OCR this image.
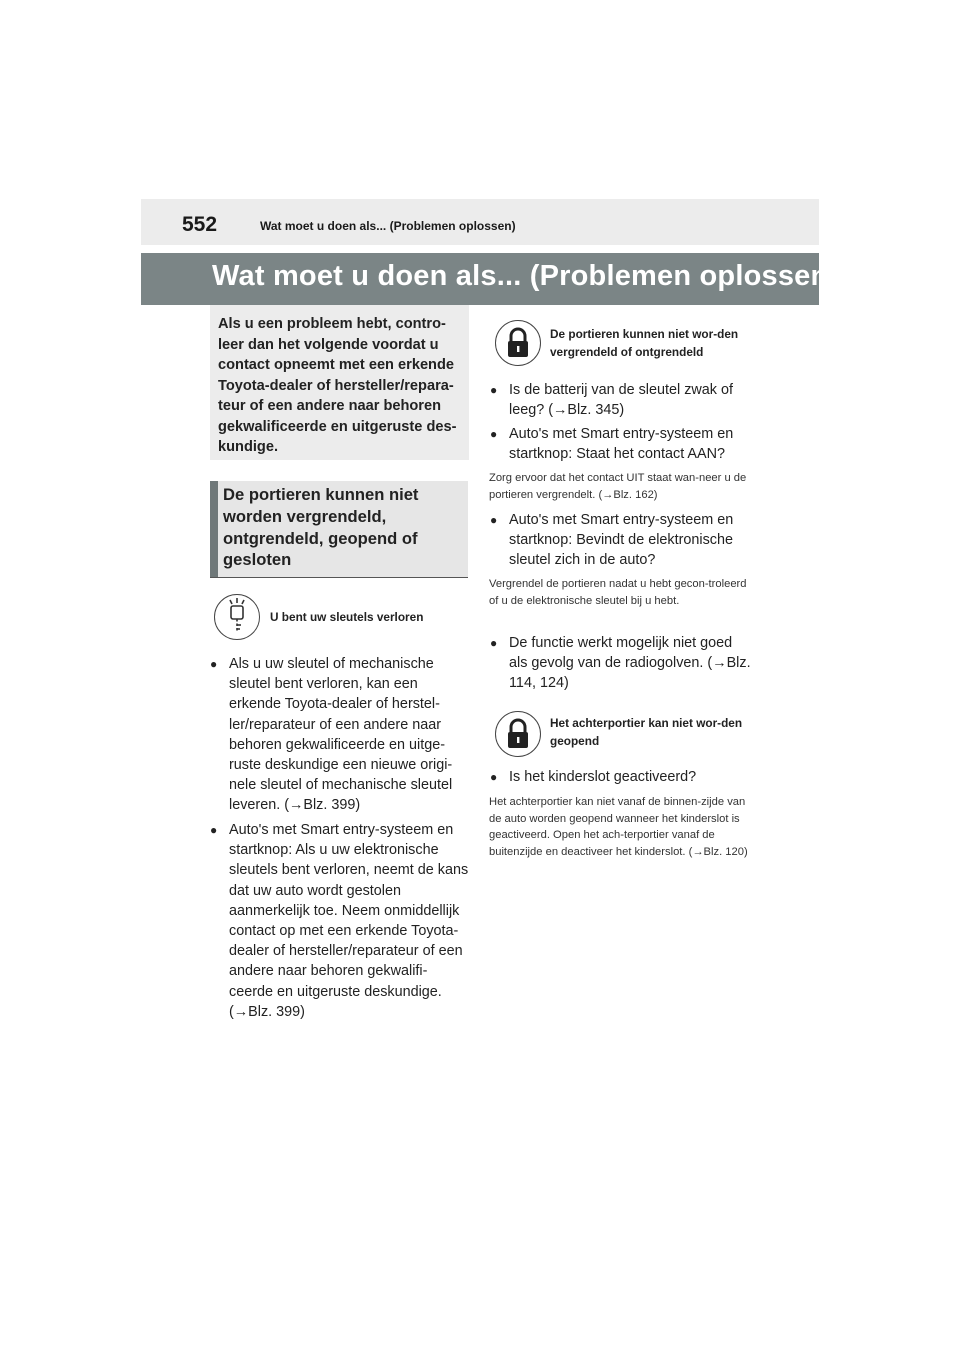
552	Wat moet u doen als... (Problemen oplossen)
Wat moet u doen als... (Problemen oplossen)
Als u een probleem hebt, contro-leer dan het volgende voordat u contact opneemt met een erkende Toyota-dealer of hersteller/repara-teur of een andere naar behoren gekwalificeerde en uitgeruste des-kundige.
De portieren kunnen niet worden vergrendeld, ontgrendeld, geopend of gesloten
U bent uw sleutels verloren
● Als u uw sleutel of mechanische sleutel bent verloren, kan een erkende Toyota-dealer of herstel-ler/reparateur of een andere naar behoren gekwalificeerde en uitge-ruste deskundige een nieuwe origi-nele sleutel of mechanische sleutel leveren. (→Blz. 399)
● Auto's met Smart entry-systeem en startknop: Als u uw elektronische sleutels bent verloren, neemt de kans dat uw auto wordt gestolen aanmerkelijk toe. Neem onmiddellijk contact op met een erkende Toyota-dealer of hersteller/reparateur of een andere naar behoren gekwalifi-ceerde en uitgeruste deskundige. (→Blz. 399)
De portieren kunnen niet wor-den vergrendeld of ontgrendeld
● Is de batterij van de sleutel zwak of leeg? (→Blz. 345)
● Auto's met Smart entry-systeem en startknop: Staat het contact AAN?
Zorg ervoor dat het contact UIT staat wan-neer u de portieren vergrendelt. (→Blz. 162)
● Auto's met Smart entry-systeem en startknop: Bevindt de elektronische sleutel zich in de auto?
Vergrendel de portieren nadat u hebt gecon-troleerd of u de elektronische sleutel bij u hebt.
● De functie werkt mogelijk niet goed als gevolg van de radiogolven. (→Blz. 114, 124)
Het achterportier kan niet wor-den geopend
● Is het kinderslot geactiveerd?
Het achterportier kan niet vanaf de binnen-zijde van de auto worden geopend wanneer het kinderslot is geactiveerd. Open het ach-terportier vanaf de buitenzijde en deactiveer het kinderslot. (→Blz. 120)
